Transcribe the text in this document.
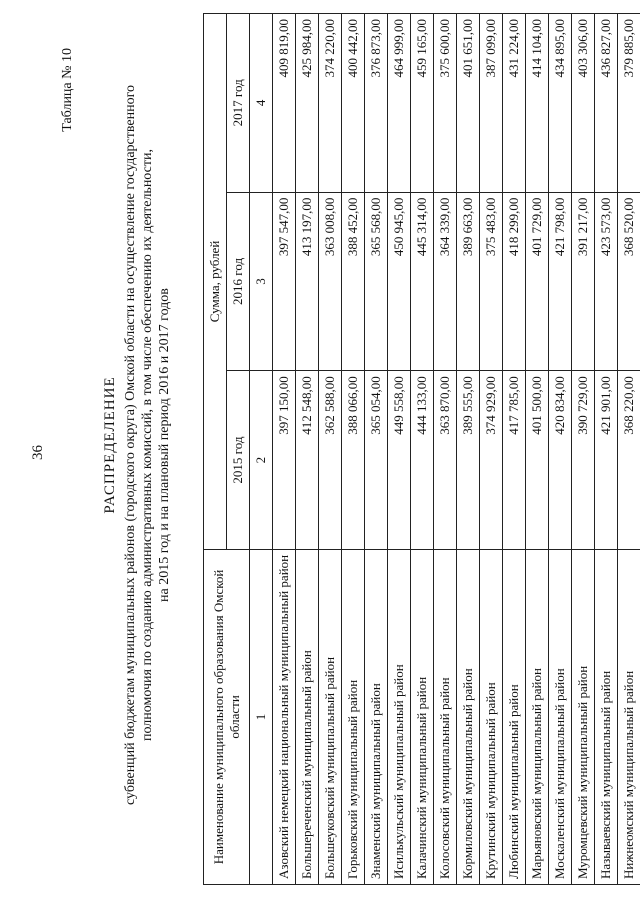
36
Таблица № 10
РАСПРЕДЕЛЕНИЕ субвенций бюджетам муниципальных районов (городского округа) Омской области на осуществление государственного полномочия по созданию административных комиссий, в том числе обеспечению их деятельности, на 2015 год и на плановый период 2016 и 2017 годов
Наименование муниципального образования Омской области	Сумма, рублей		
	2015 год	2016 год	2017 год
1	2	3	4
Азовский немецкий национальный муниципальный район	397 150,00	397 547,00	409 819,00
Большереченский муниципальный район	412 548,00	413 197,00	425 984,00
Большеуковский муниципальный район	362 588,00	363 008,00	374 220,00
Горьковский муниципальный район	388 066,00	388 452,00	400 442,00
Знаменский муниципальный район	365 054,00	365 568,00	376 873,00
Исилькульский муниципальный район	449 558,00	450 945,00	464 999,00
Калачинский муниципальный район	444 133,00	445 314,00	459 165,00
Колосовский муниципальный район	363 870,00	364 339,00	375 600,00
Кормиловский муниципальный район	389 555,00	389 663,00	401 651,00
Крутинский муниципальный район	374 929,00	375 483,00	387 099,00
Любинский муниципальный район	417 785,00	418 299,00	431 224,00
Марьяновский муниципальный район	401 500,00	401 729,00	414 104,00
Москаленский муниципальный район	420 834,00	421 798,00	434 895,00
Муромцевский муниципальный район	390 729,00	391 217,00	403 306,00
Называевский муниципальный район	421 901,00	423 573,00	436 827,00
Нижнеомский муниципальный район	368 220,00	368 520,00	379 885,00
